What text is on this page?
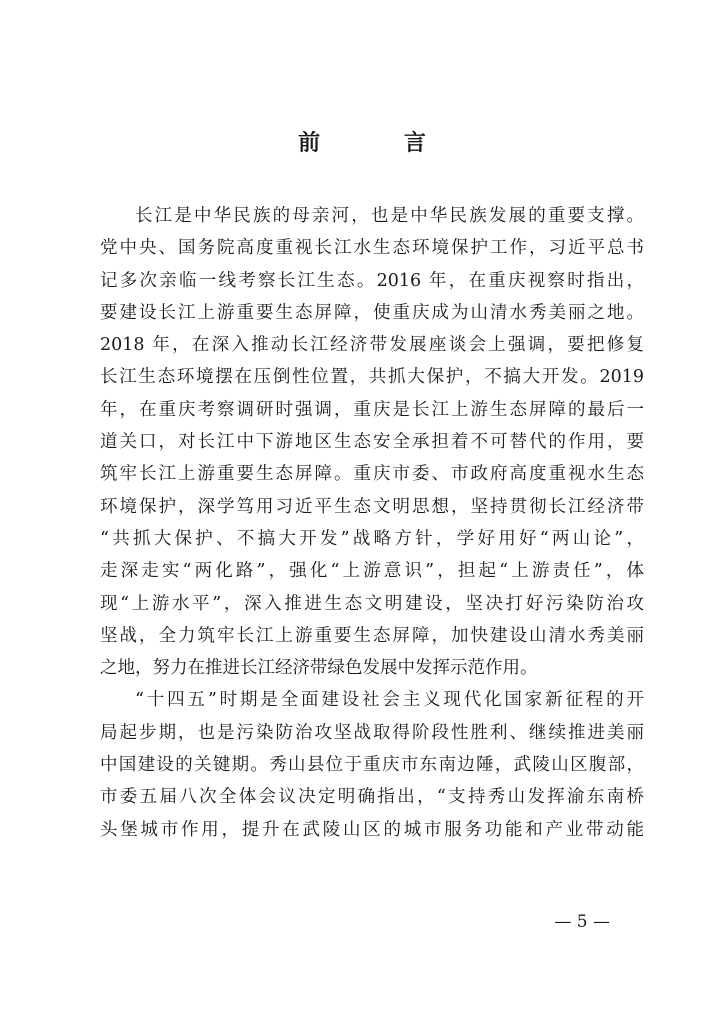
前 言
长江是中华民族的母亲河，也是中华民族发展的重要支撑。
党中央、国务院高度重视长江水生态环境保护工作，习近平总书
记多次亲临一线考察长江生态。2016 年，在重庆视察时指出，
要建设长江上游重要生态屏障，使重庆成为山清水秀美丽之地。
2018 年，在深入推动长江经济带发展座谈会上强调，要把修复
长江生态环境摆在压倒性位置，共抓大保护，不搞大开发。2019
年，在重庆考察调研时强调，重庆是长江上游生态屏障的最后一
道关口，对长江中下游地区生态安全承担着不可替代的作用，要
筑牢长江上游重要生态屏障。重庆市委、市政府高度重视水生态
环境保护，深学笃用习近平生态文明思想，坚持贯彻长江经济带
“共抓大保护、不搞大开发”战略方针，学好用好“两山论”，
走深走实“两化路”，强化“上游意识”，担起“上游责任”，体
现“上游水平”，深入推进生态文明建设，坚决打好污染防治攻
坚战，全力筑牢长江上游重要生态屏障，加快建设山清水秀美丽
之地，努力在推进长江经济带绿色发展中发挥示范作用。
“十四五”时期是全面建设社会主义现代化国家新征程的开
局起步期，也是污染防治攻坚战取得阶段性胜利、继续推进美丽
中国建设的关键期。秀山县位于重庆市东南边陲，武陵山区腹部，
市委五届八次全体会议决定明确指出，“支持秀山发挥渝东南桥
头堡城市作用，提升在武陵山区的城市服务功能和产业带动能
— 5 —
